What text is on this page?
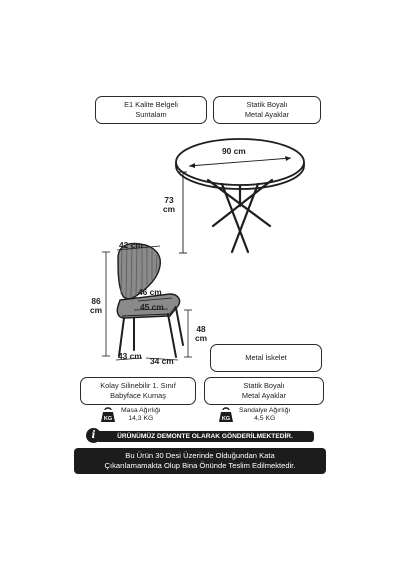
E1 Kalite Belgeli
Suntalam
Statik Boyalı
Metal Ayaklar
90 cm
73
cm
42 cm
86
cm
46 cm
45 cm
48
cm
43 cm 34 cm	Metal İskelet
Kolay Silinebilir 1. Sınıf
Babyface Kumaş
Statik Boyalı
Metal Ayaklar
KG
Masa Ağırlığı
14,3 KG	KG
Sandalye Ağırlığı
4,5 KG
ÜRÜNÜMÜZ DEMONTE OLARAK GÖNDERİLMEKTEDİR.
i
Bu Ürün 30 Desi Üzerinde Olduğundan Kata
Çıkarılamamakta Olup Bina Önünde Teslim Edilmektedir.
